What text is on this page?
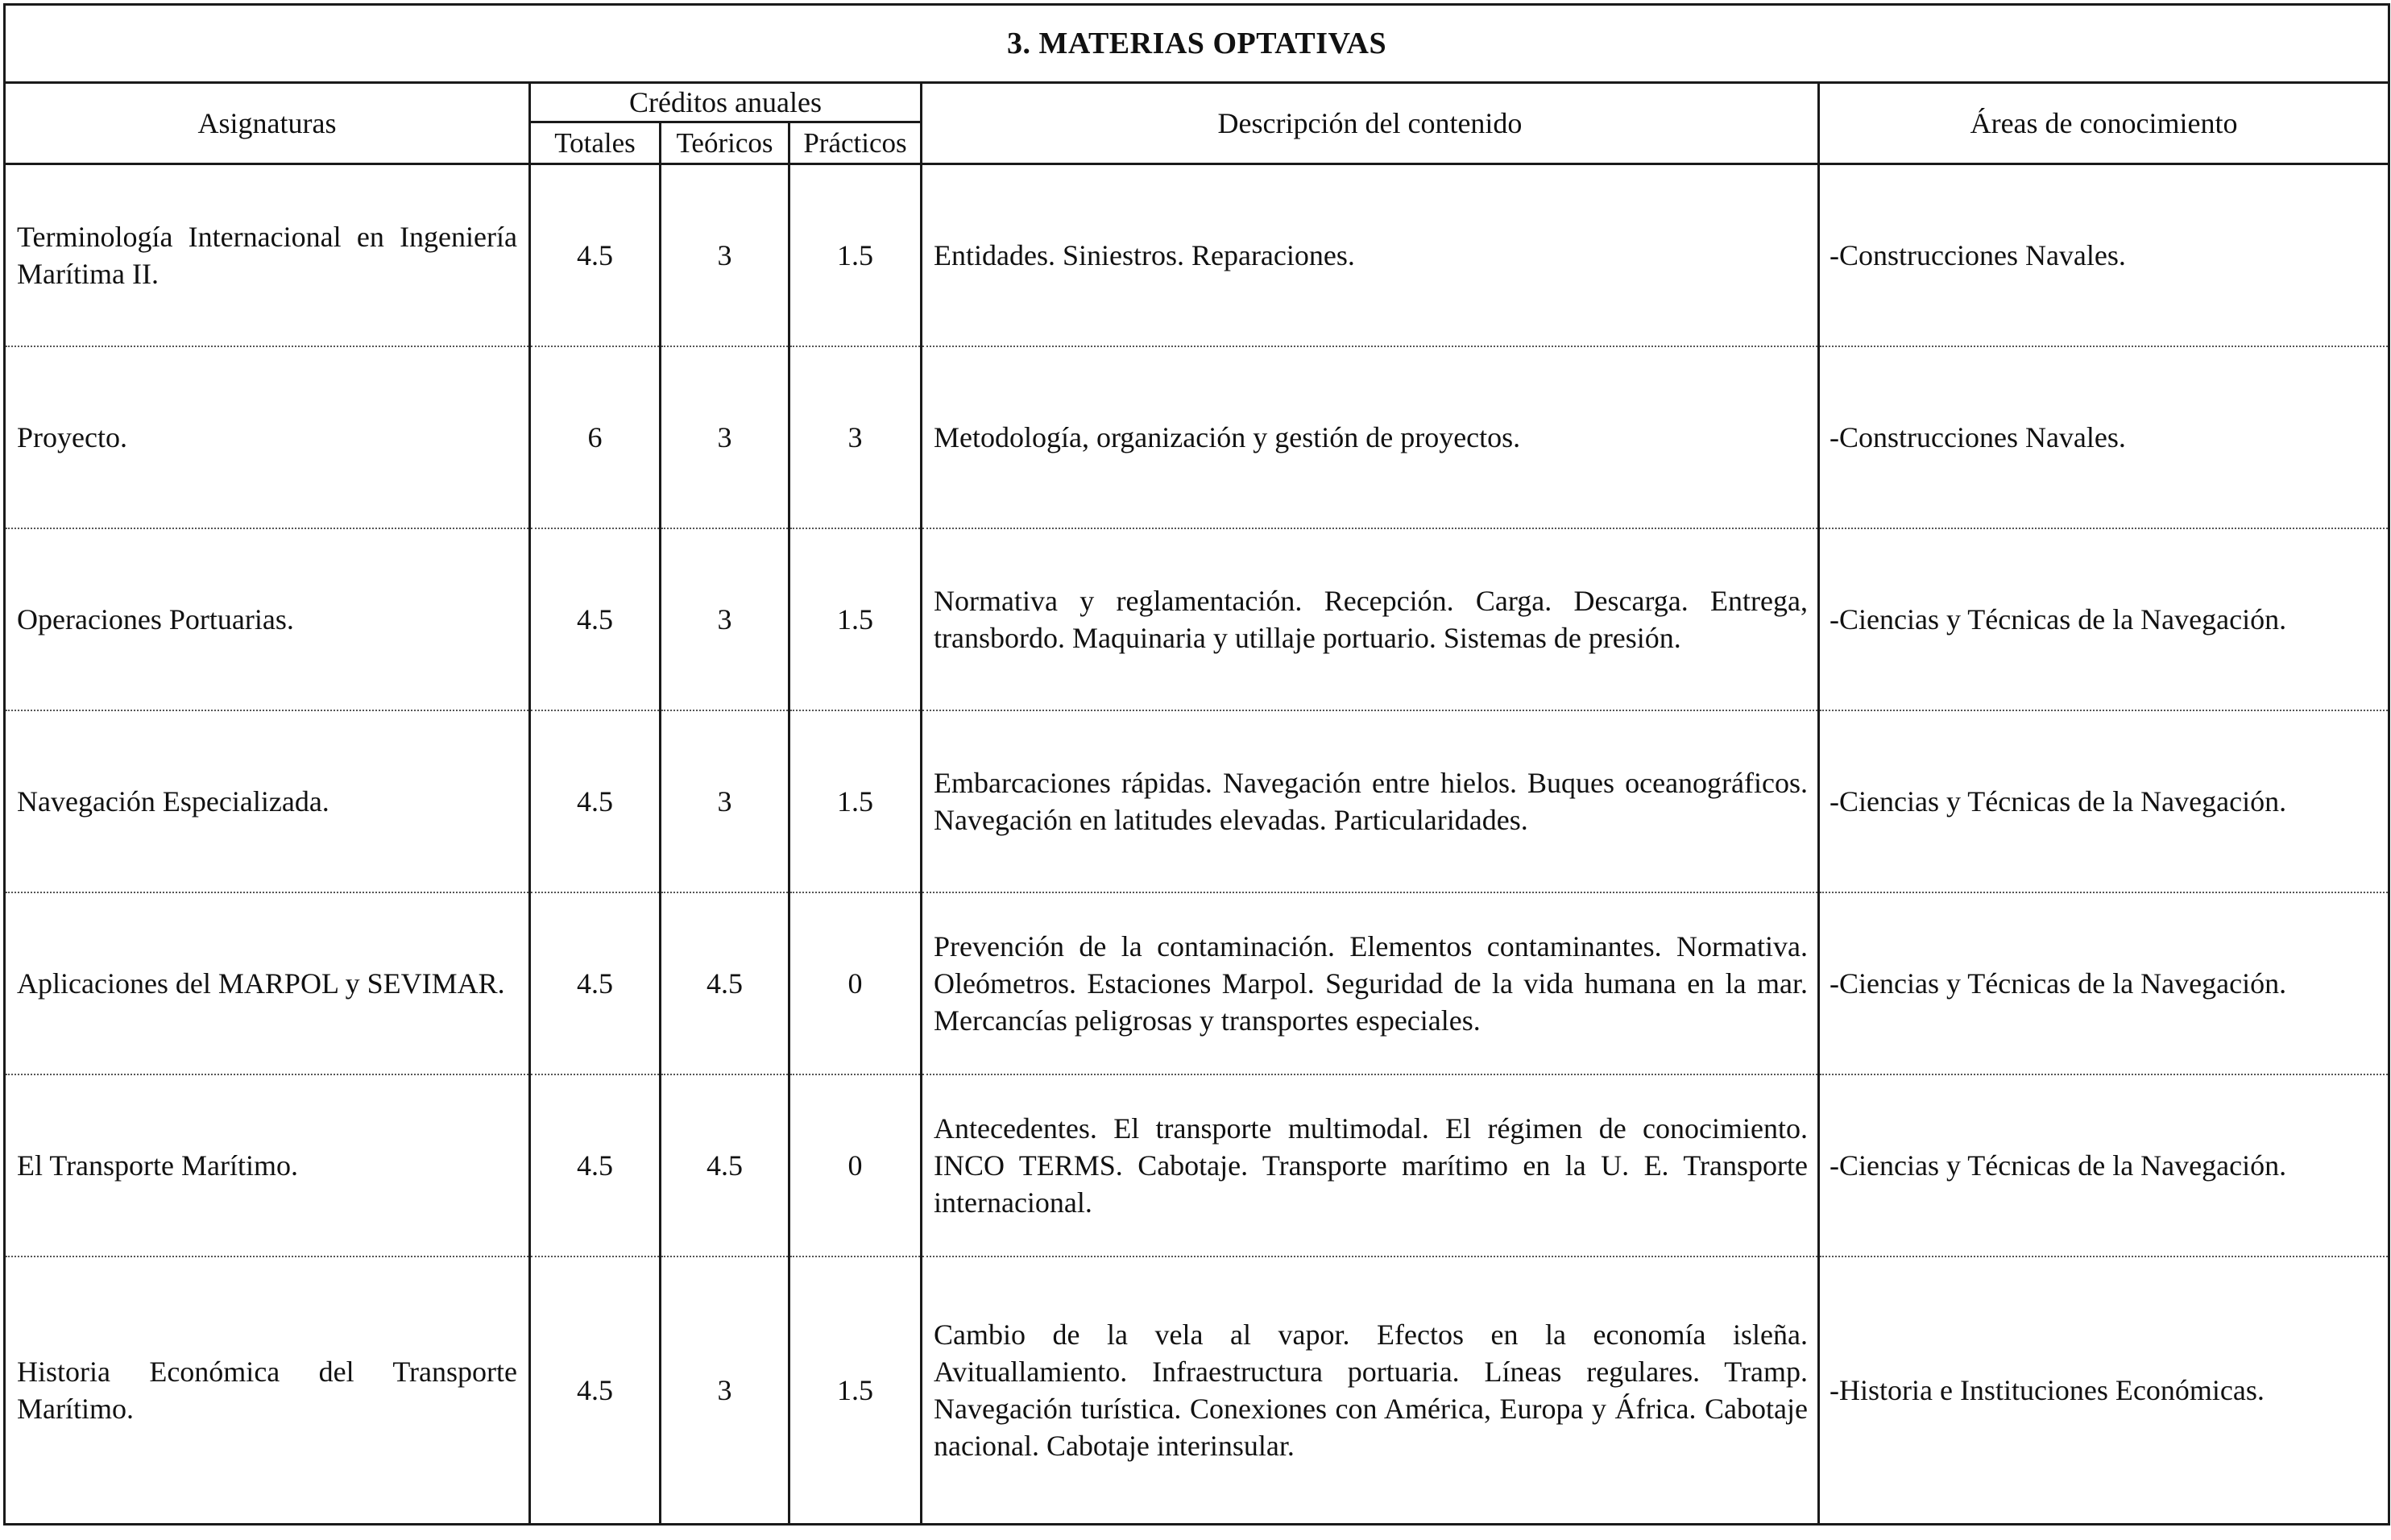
3. MATERIAS OPTATIVAS					
Asignaturas	Créditos anuales			Descripción del contenido	Áreas de conocimiento
	Totales	Teóricos	Prácticos		
Terminología Internacional en Ingeniería Marítima II.	4.5	3	1.5	Entidades. Siniestros. Reparaciones.	-Construcciones Navales.
Proyecto.	6	3	3	Metodología, organización y gestión de proyectos.	-Construcciones Navales.
Operaciones Portuarias.	4.5	3	1.5	Normativa y reglamentación. Recepción. Carga. Descarga. Entrega, transbordo. Maquinaria y utillaje portuario. Sistemas de presión.	-Ciencias y Técnicas de la Navegación.
Navegación Especializada.	4.5	3	1.5	Embarcaciones rápidas. Navegación entre hielos. Buques oceanográficos. Navegación en latitudes elevadas. Particularidades.	-Ciencias y Técnicas de la Navegación.
Aplicaciones del MARPOL y SEVIMAR.	4.5	4.5	0	Prevención de la contaminación. Elementos contaminantes. Normativa. Oleómetros. Estaciones Marpol. Seguridad de la vida humana en la mar. Mercancías peligrosas y transportes especiales.	-Ciencias y Técnicas de la Navegación.
El Transporte Marítimo.	4.5	4.5	0	Antecedentes. El transporte multimodal. El régimen de conocimiento. INCO TERMS. Cabotaje. Transporte marítimo en la U. E. Transporte internacional.	-Ciencias y Técnicas de la Navegación.
Historia Económica del Transporte Marítimo.	4.5	3	1.5	Cambio de la vela al vapor. Efectos en la economía isleña. Avituallamiento. Infraestructura portuaria. Líneas regulares. Tramp. Navegación turística. Conexiones con América, Europa y África. Cabotaje nacional. Cabotaje interinsular.	-Historia e Instituciones Económicas.
